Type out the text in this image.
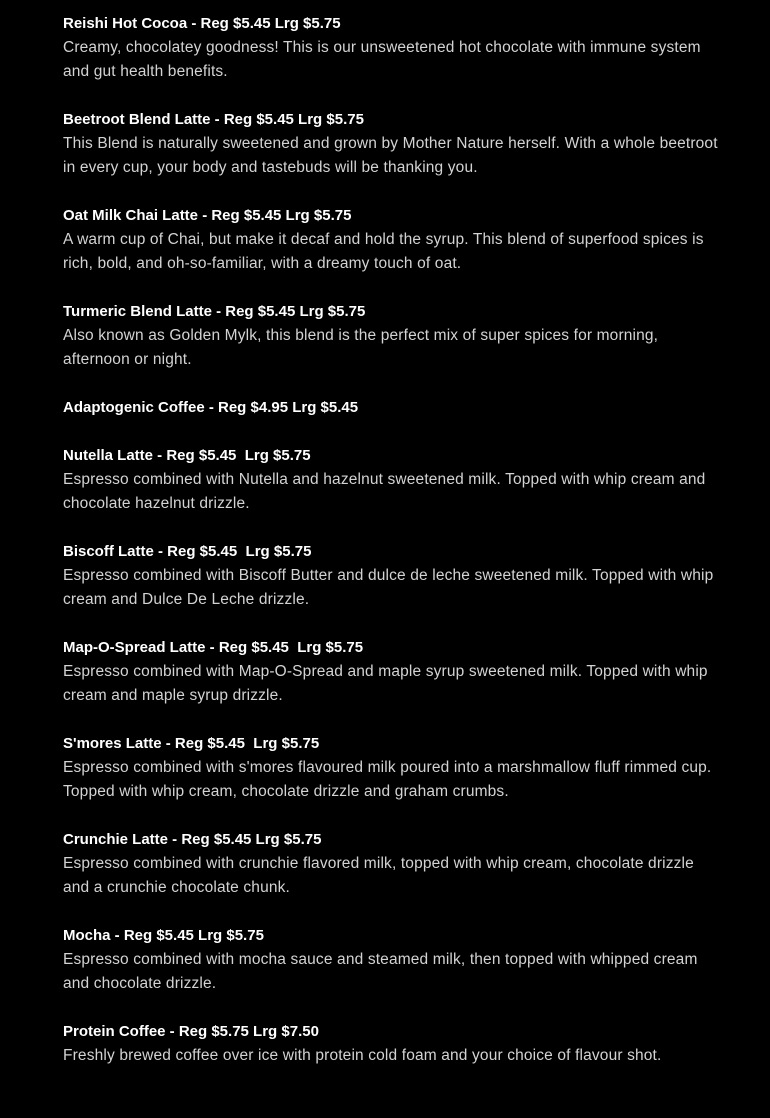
Reishi Hot Cocoa - Reg $5.45 Lrg $5.75
Creamy, chocolatey goodness! This is our unsweetened hot chocolate with immune system and gut health benefits.
Beetroot Blend Latte - Reg $5.45 Lrg $5.75
This Blend is naturally sweetened and grown by Mother Nature herself. With a whole beetroot in every cup, your body and tastebuds will be thanking you.
Oat Milk Chai Latte - Reg $5.45 Lrg $5.75
A warm cup of Chai, but make it decaf and hold the syrup. This blend of superfood spices is rich, bold, and oh-so-familiar, with a dreamy touch of oat.
Turmeric Blend Latte - Reg $5.45 Lrg $5.75
Also known as Golden Mylk, this blend is the perfect mix of super spices for morning, afternoon or night.
Adaptogenic Coffee - Reg $4.95 Lrg $5.45
Nutella Latte - Reg $5.45  Lrg $5.75
Espresso combined with Nutella and hazelnut sweetened milk. Topped with whip cream and chocolate hazelnut drizzle.
Biscoff Latte - Reg $5.45  Lrg $5.75
Espresso combined with Biscoff Butter and dulce de leche sweetened milk. Topped with whip cream and Dulce De Leche drizzle.
Map-O-Spread Latte - Reg $5.45  Lrg $5.75
Espresso combined with Map-O-Spread and maple syrup sweetened milk. Topped with whip cream and maple syrup drizzle.
S'mores Latte - Reg $5.45  Lrg $5.75
Espresso combined with s'mores flavoured milk poured into a marshmallow fluff rimmed cup. Topped with whip cream, chocolate drizzle and graham crumbs.
Crunchie Latte - Reg $5.45 Lrg $5.75
Espresso combined with crunchie flavored milk, topped with whip cream, chocolate drizzle and a crunchie chocolate chunk.
Mocha - Reg $5.45 Lrg $5.75
Espresso combined with mocha sauce and steamed milk, then topped with whipped cream and chocolate drizzle.
Protein Coffee - Reg $5.75 Lrg $7.50
Freshly brewed coffee over ice with protein cold foam and your choice of flavour shot.
